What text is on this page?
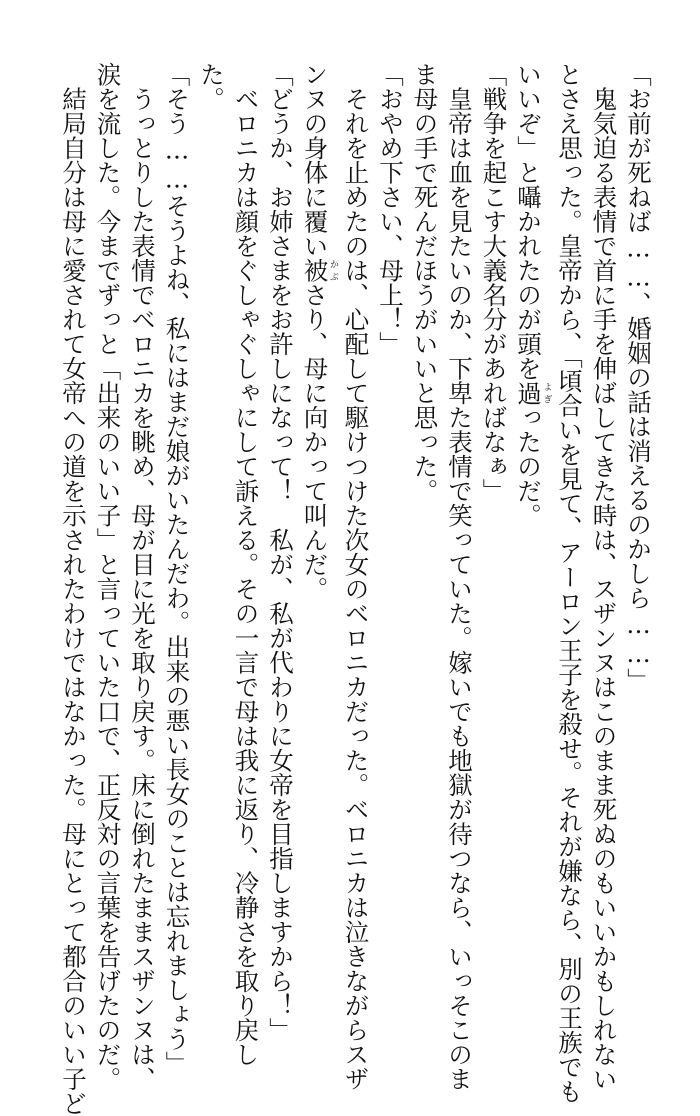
「お前が死ねば……、婚姻の話は消えるのかしら……」
　鬼気迫る表情で首に手を伸ばしてきた時は、スザンヌはこのまま死ぬのもいいかもしれない
とさえ思った。皇帝から、「頃合いを見て、アーロン王子を殺せ。それが嫌なら、別の王族でも
いいぞ」と囁かれたのが頭を過よぎったのだ。
「戦争を起こす大義名分があればなぁ」
　皇帝は血を見たいのか、下卑た表情で笑っていた。嫁いでも地獄が待つなら、いっそこのま
ま母の手で死んだほうがいいと思った。
「おやめ下さい、母上！」
　それを止めたのは、心配して駆けつけた次女のベロニカだった。ベロニカは泣きながらスザ
ンヌの身体に覆い被かぶさり、母に向かって叫んだ。
「どうか、お姉さまをお許しになって！　私が、私が代わりに女帝を目指しますから！」
　ベロニカは顔をぐしゃぐしゃにして訴える。その一言で母は我に返り、冷静さを取り戻し
た。
「そう……そうよね、私にはまだ娘がいたんだわ。出来の悪い長女のことは忘れましょう」
　うっとりした表情でベロニカを眺め、母が目に光を取り戻す。床に倒れたままスザンヌは、
涙を流した。今までずっと「出来のいい子」と言っていた口で、正反対の言葉を告げたのだ。
　結局自分は母に愛されて女帝への道を示されたわけではなかった。母にとって都合のいい子ど
